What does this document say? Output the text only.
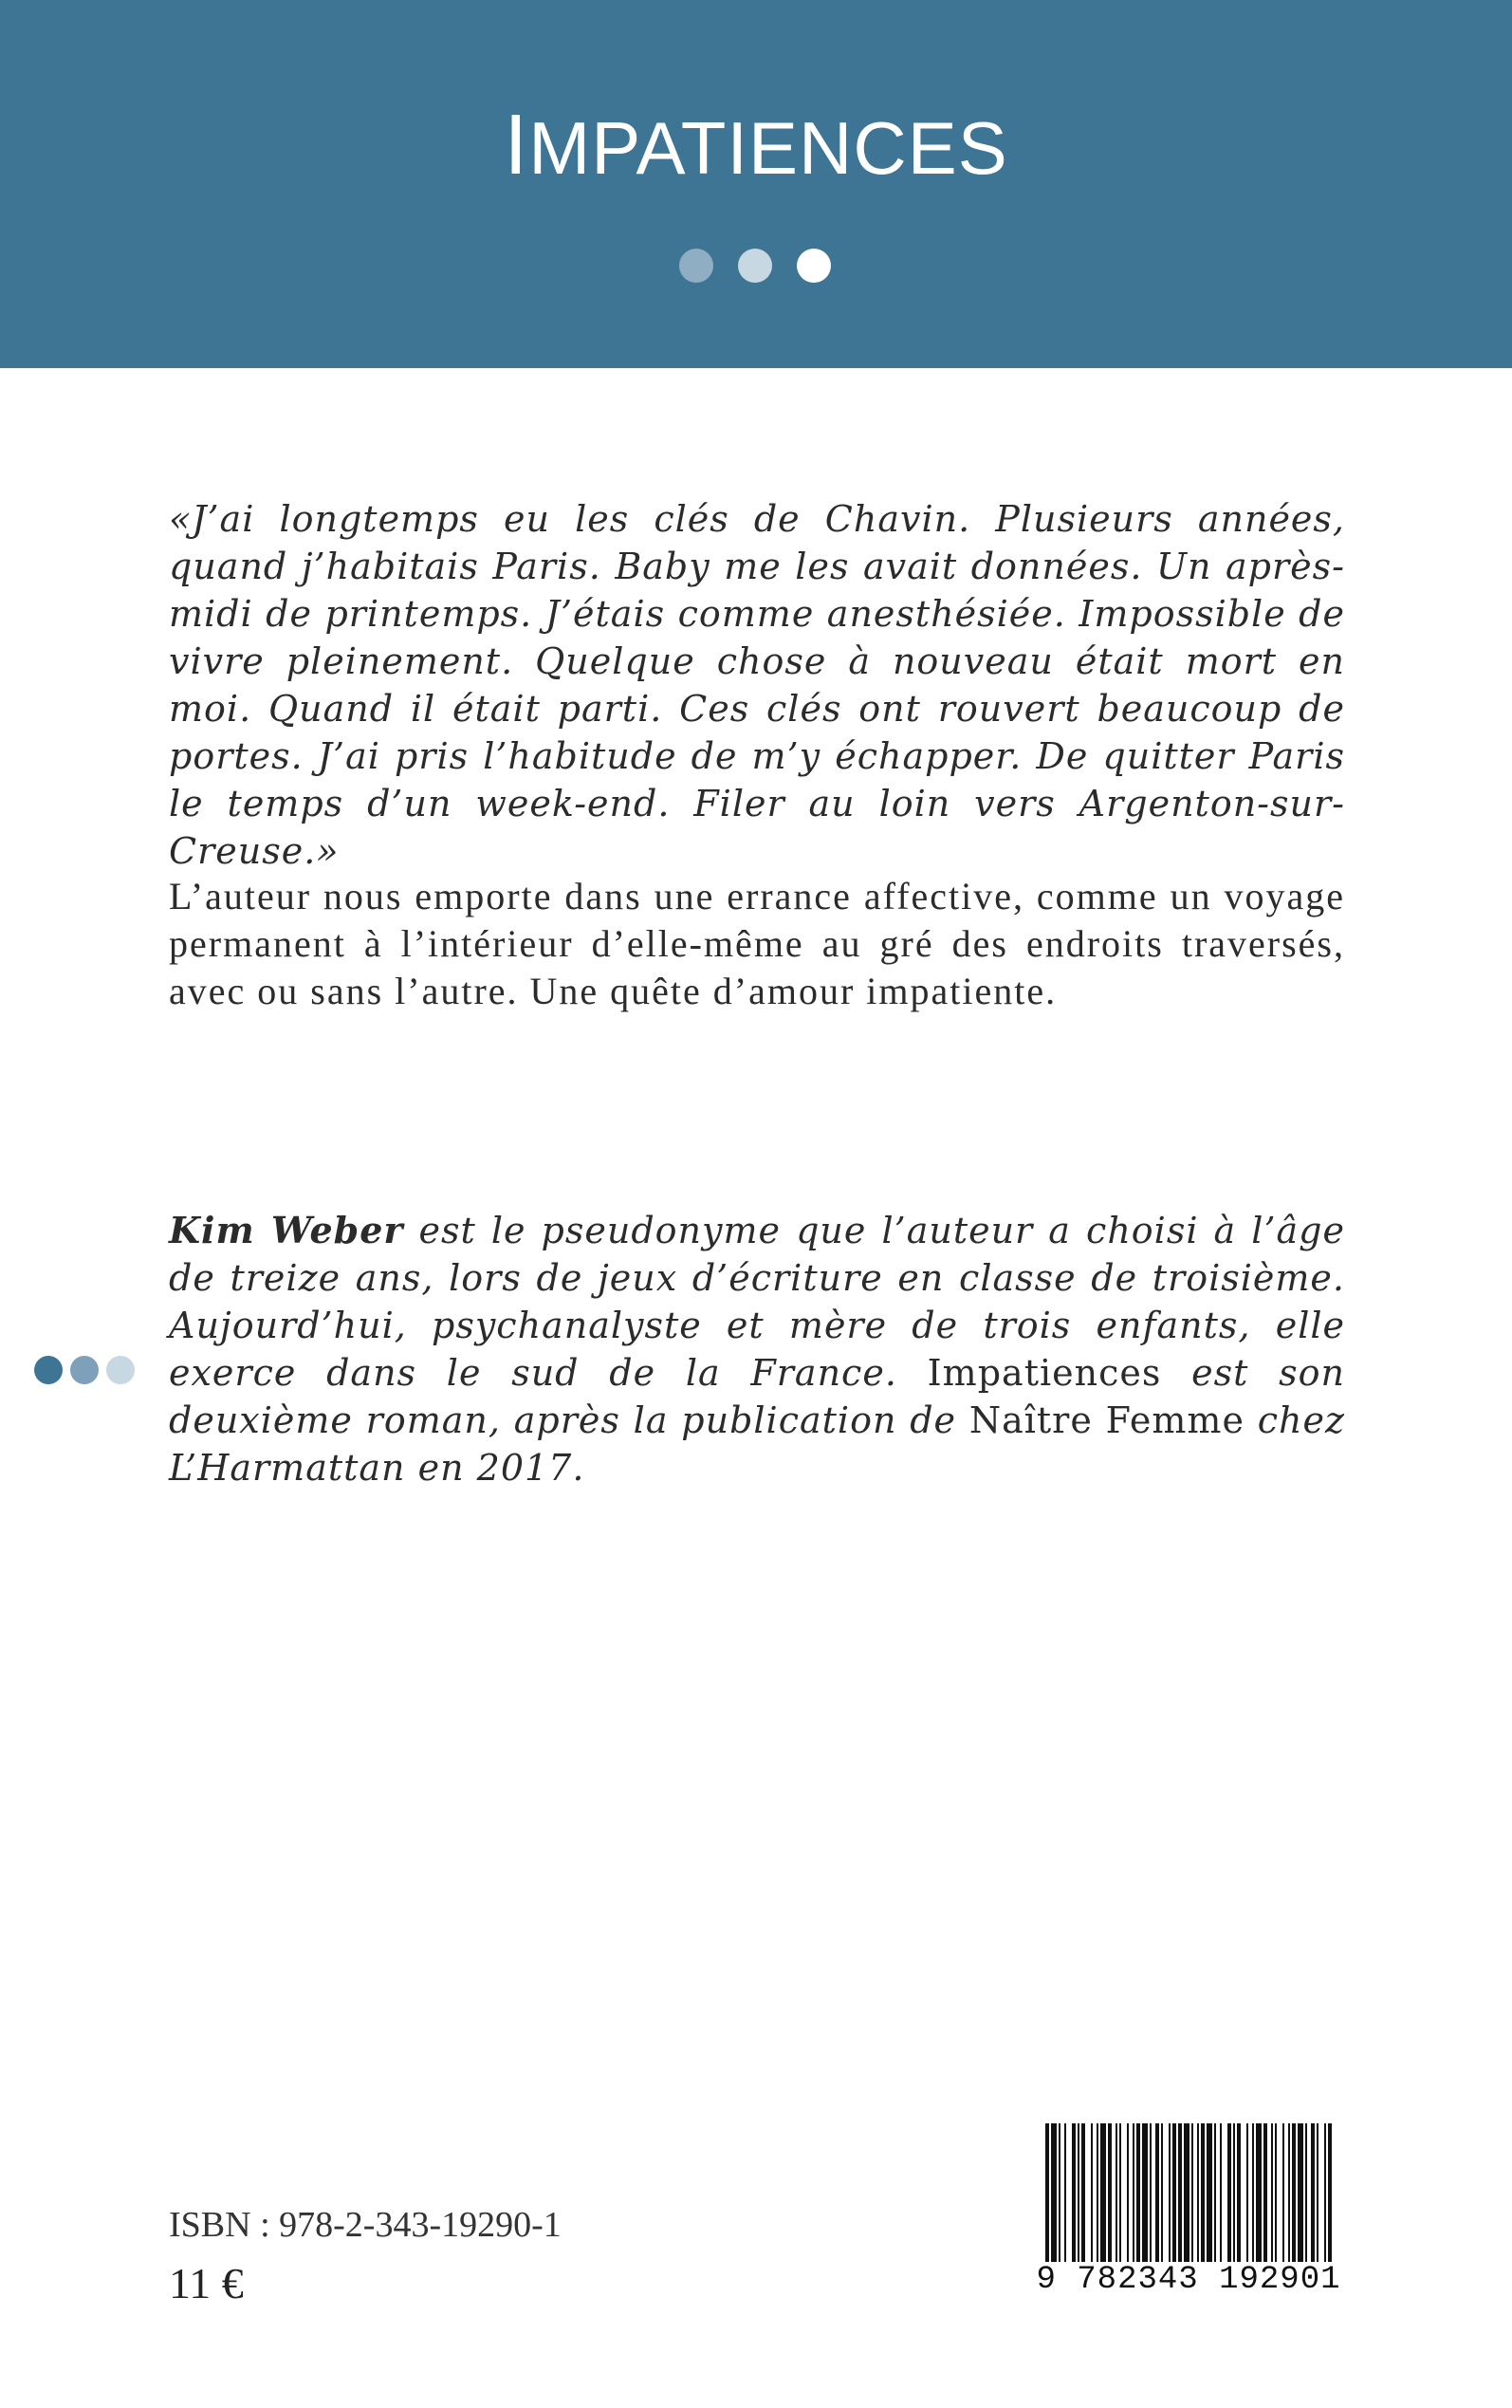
IMPATIENCES
«J’ai longtemps eu les clés de Chavin. Plusieurs années, quand j’habitais Paris. Baby me les avait données. Un après-midi de printemps. J’étais comme anesthésiée. Impossible de vivre pleinement. Quelque chose à nouveau était mort en moi. Quand il était parti. Ces clés ont rouvert beaucoup de portes. J’ai pris l’habitude de m’y échapper. De quitter Paris le temps d’un week-end. Filer au loin vers Argenton-sur-Creuse.»
L’auteur nous emporte dans une errance affective, comme un voyage permanent à l’intérieur d’elle-même au gré des endroits traversés, avec ou sans l’autre. Une quête d’amour impatiente.
Kim Weber est le pseudonyme que l’auteur a choisi à l’âge de treize ans, lors de jeux d’écriture en classe de troisième. Aujourd’hui, psychanalyste et mère de trois enfants, elle exerce dans le sud de la France. Impatiences est son deuxième roman, après la publication de Naître Femme chez L’Harmattan en 2017.
ISBN : 978-2-343-19290-1
11 €	9 782343 192901
